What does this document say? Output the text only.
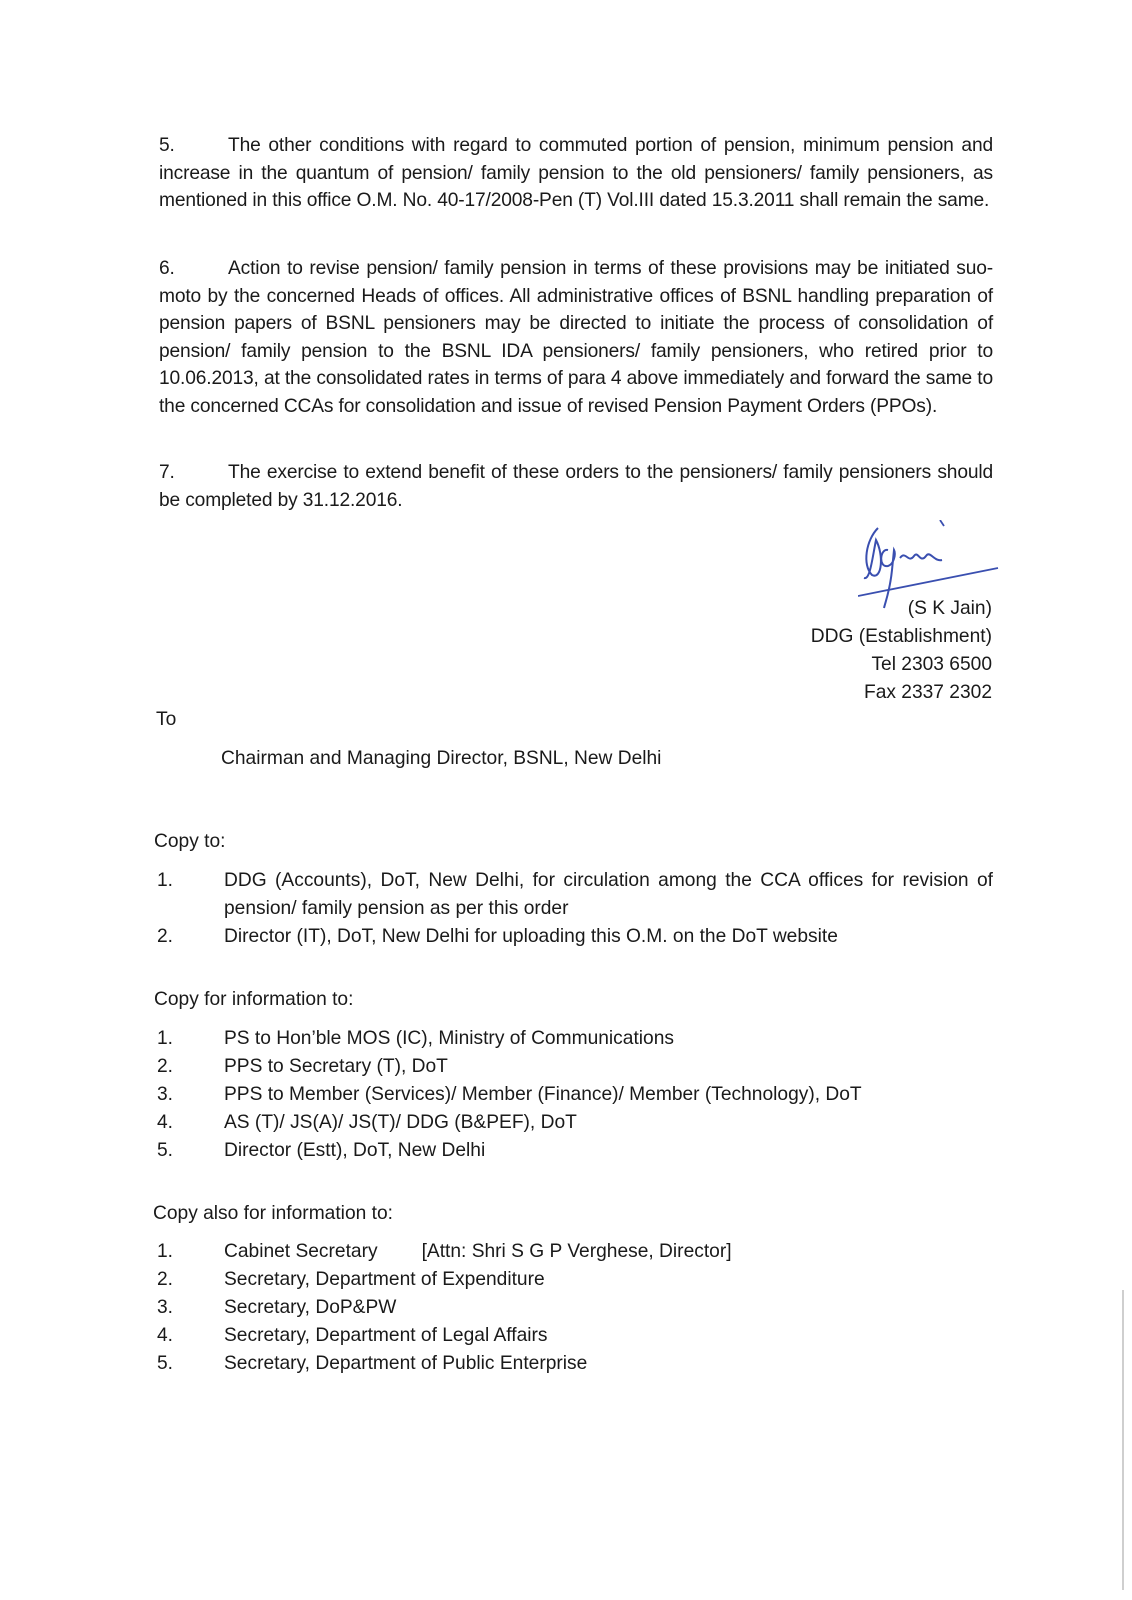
5.	The other conditions with regard to commuted portion of pension, minimum pension and increase in the quantum of pension/ family pension to the old pensioners/ family pensioners, as mentioned in this office O.M. No. 40-17/2008-Pen (T) Vol.III dated 15.3.2011 shall remain the same.
6.	Action to revise pension/ family pension in terms of these provisions may be initiated suo-moto by the concerned Heads of offices. All administrative offices of BSNL handling preparation of pension papers of BSNL pensioners may be directed to initiate the process of consolidation of pension/ family pension to the BSNL IDA pensioners/ family pensioners, who retired prior to 10.06.2013, at the consolidated rates in terms of para 4 above immediately and forward the same to the concerned CCAs for consolidation and issue of revised Pension Payment Orders (PPOs).
7.	The exercise to extend benefit of these orders to the pensioners/ family pensioners should be completed by 31.12.2016.
(S K Jain)
DDG (Establishment)
Tel 2303 6500
Fax 2337 2302
To
Chairman and Managing Director, BSNL, New Delhi
Copy to:
1.	DDG (Accounts), DoT, New Delhi, for circulation among the CCA offices for revision of pension/ family pension as per this order
2.	Director (IT), DoT, New Delhi for uploading this O.M. on the DoT website
Copy for information to:
1.	PS to Hon’ble MOS (IC), Ministry of Communications
2.	PPS to Secretary (T), DoT
3.	PPS to Member (Services)/ Member (Finance)/ Member (Technology), DoT
4.	AS (T)/ JS(A)/ JS(T)/ DDG (B&PEF), DoT
5.	Director (Estt), DoT, New Delhi
Copy also for information to:
1.	Cabinet Secretary [Attn: Shri S G P Verghese, Director]
2.	Secretary, Department of Expenditure
3.	Secretary, DoP&PW
4.	Secretary, Department of Legal Affairs
5.	Secretary, Department of Public Enterprise
